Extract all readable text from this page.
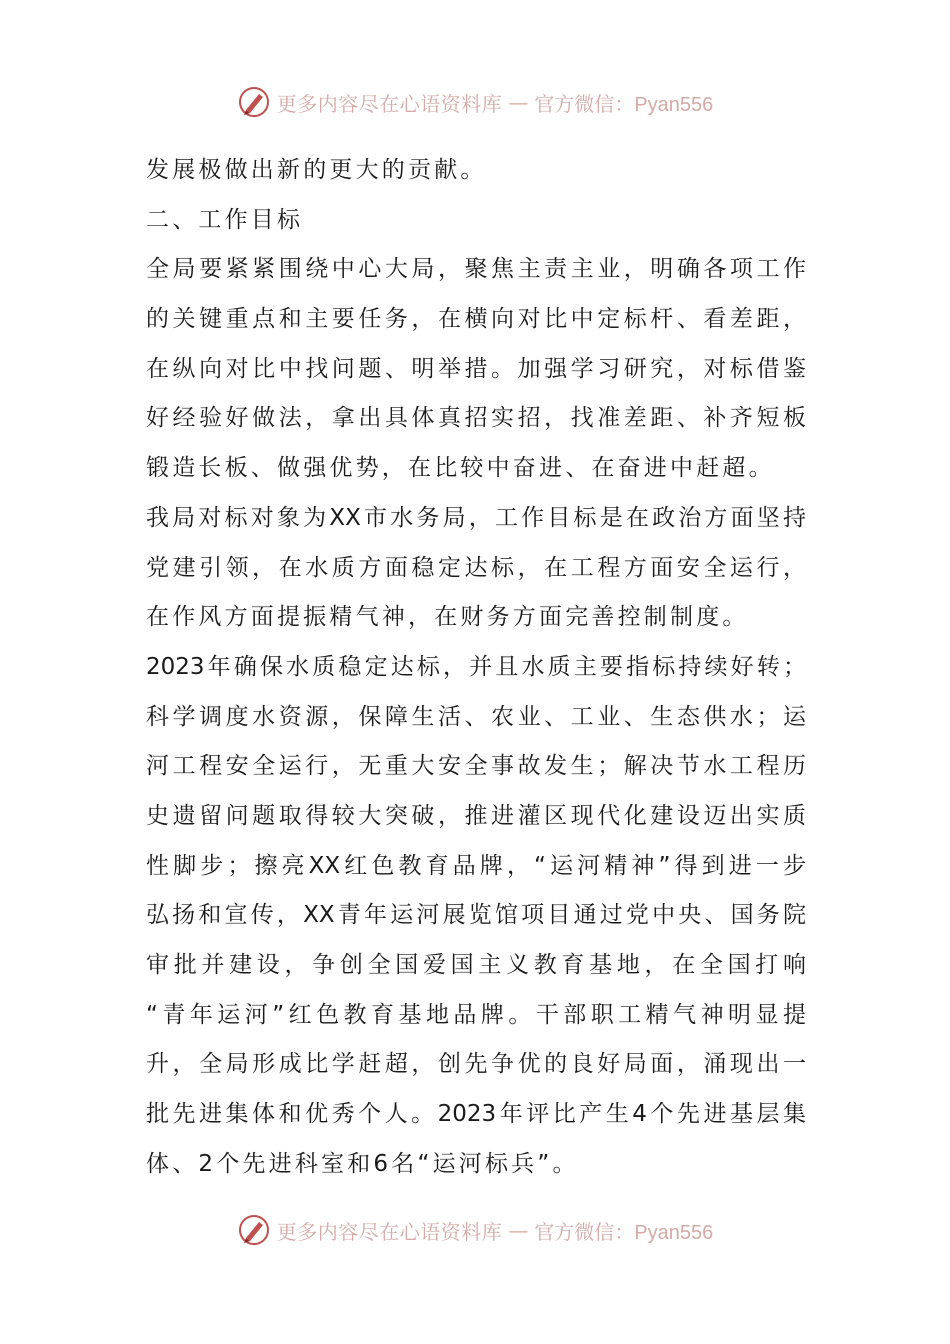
更多内容尽在心语资料库 — 官方微信：Pyan556
发展极做出新的更大的贡献。
二、工作目标
全局要紧紧围绕中心大局，聚焦主责主业，明确各项工作
的关键重点和主要任务，在横向对比中定标杆、看差距，
在纵向对比中找问题、明举措。加强学习研究，对标借鉴
好经验好做法，拿出具体真招实招，找准差距、补齐短板
锻造长板、做强优势，在比较中奋进、在奋进中赶超。
我局对标对象为XX市水务局，工作目标是在政治方面坚持
党建引领，在水质方面稳定达标，在工程方面安全运行，
在作风方面提振精气神，在财务方面完善控制制度。
2023年确保水质稳定达标，并且水质主要指标持续好转；
科学调度水资源，保障生活、农业、工业、生态供水；运
河工程安全运行，无重大安全事故发生；解决节水工程历
史遗留问题取得较大突破，推进灌区现代化建设迈出实质
性脚步；擦亮XX红色教育品牌，“运河精神”得到进一步
弘扬和宣传，XX青年运河展览馆项目通过党中央、国务院
审批并建设，争创全国爱国主义教育基地，在全国打响
“青年运河”红色教育基地品牌。干部职工精气神明显提
升，全局形成比学赶超，创先争优的良好局面，涌现出一
批先进集体和优秀个人。2023年评比产生4个先进基层集
体、2个先进科室和6名“运河标兵”。
更多内容尽在心语资料库 — 官方微信：Pyan556
